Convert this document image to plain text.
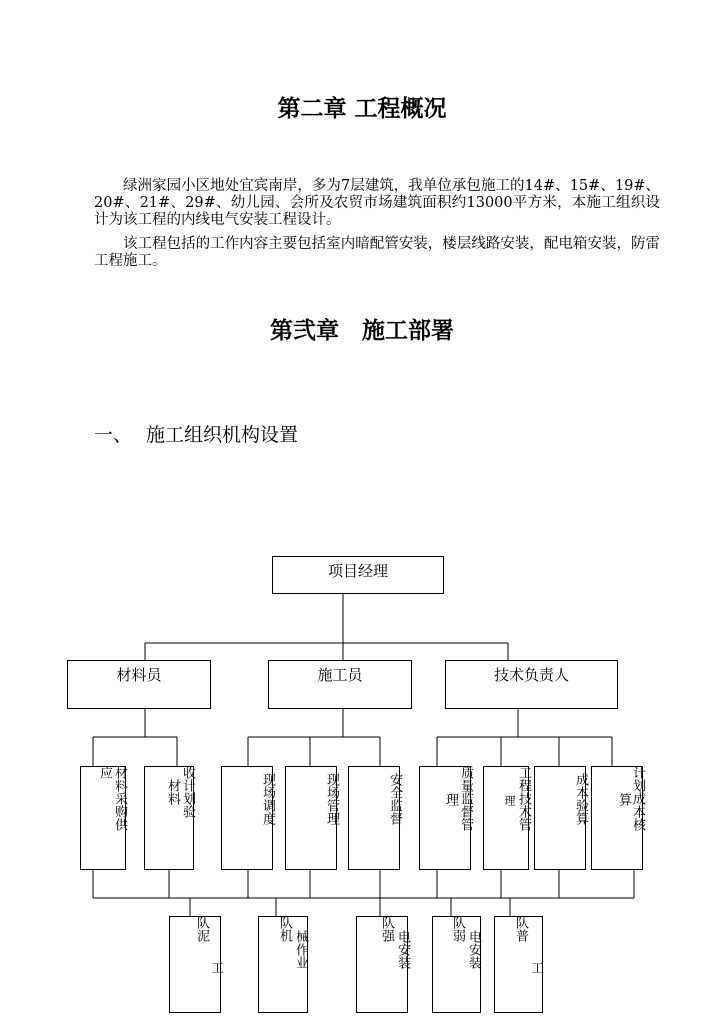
第二章 工程概况

绿洲家园小区地处宜宾南岸，多为7层建筑，我单位承包施工的14#、15#、19#、20#、21#、29#、幼儿园、会所及农贸市场建筑面积约13000平方米，本施工组织设计为该工程的内线电气安装工程设计。

该工程包括的工作内容主要包括室内暗配管安装，楼层线路安装，配电箱安装，防雷工程施工。

第弐章　施工部署

一、 施工组织机构设置

项目经理
材料员	施工员	技术负责人
应 材料采购供	材料 收计划验	现场调度	现场管理	安全监督	理 质量监督管	理 工程技术管	成本验算 算 计划成本核
队泥
工
队机
械作业
队强
电安装
队弱
电安装
队普
工
